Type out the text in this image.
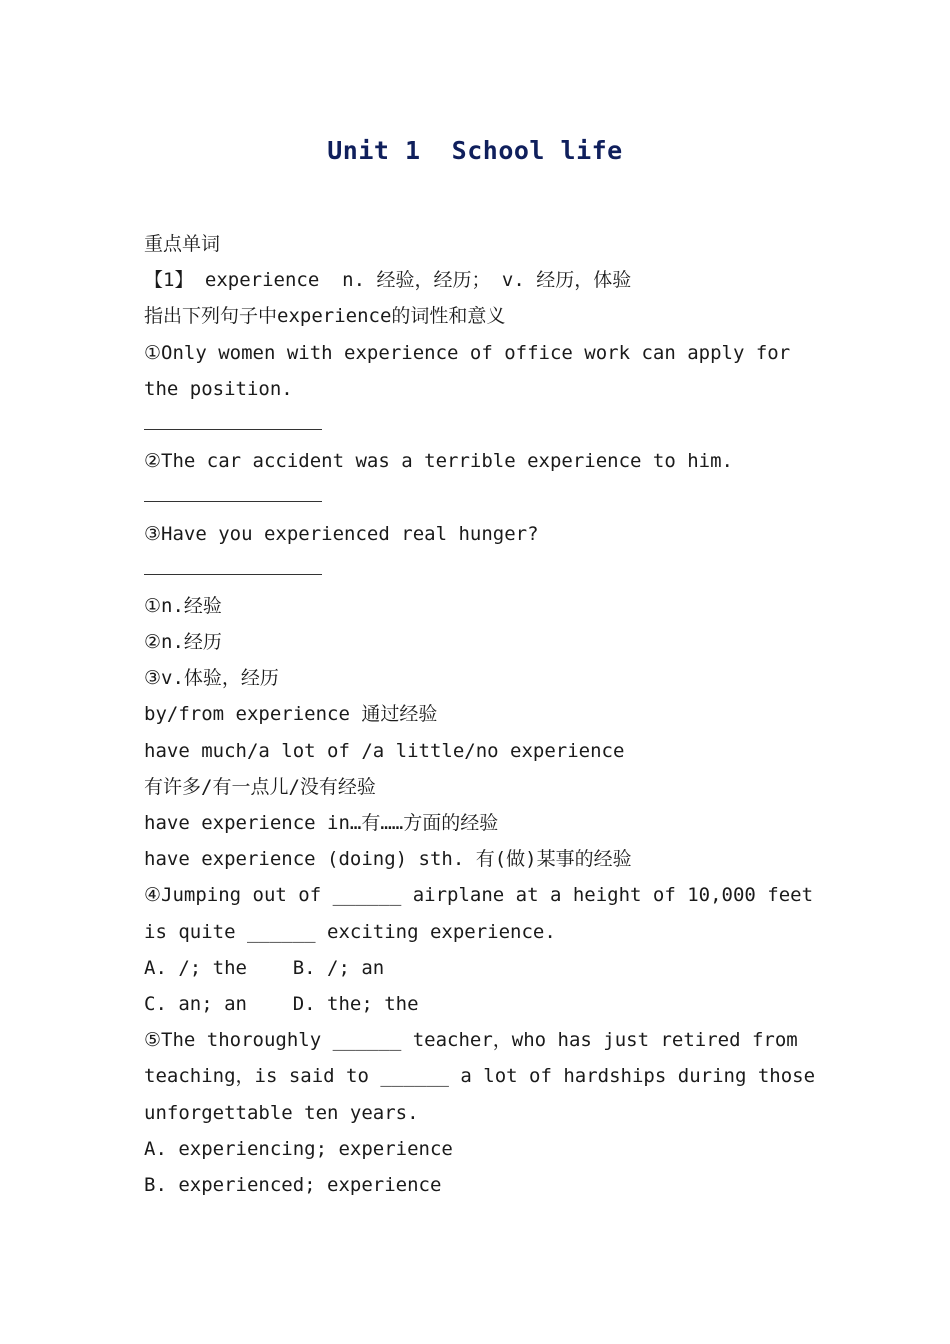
Unit 1  School life
重点单词
【1】 experience  n. 经验，经历； v. 经历，体验
指出下列句子中experience的词性和意义
①Only women with experience of office work can apply for
the position.
②The car accident was a terrible experience to him.
③Have you experienced real hunger?
①n.经验
②n.经历
③v.体验，经历
by/from experience 通过经验
have much/a lot of /a little/no experience
有许多/有一点儿/没有经验
have experience in…有……方面的经验
have experience (doing) sth. 有(做)某事的经验
④Jumping out of ______ airplane at a height of 10,000 feet
is quite ______ exciting experience.
A. /; the    B. /; an
C. an; an    D. the; the
⑤The thoroughly ______ teacher，who has just retired from
teaching，is said to ______ a lot of hardships during those
unforgettable ten years.
A. experiencing; experience
B. experienced; experience
